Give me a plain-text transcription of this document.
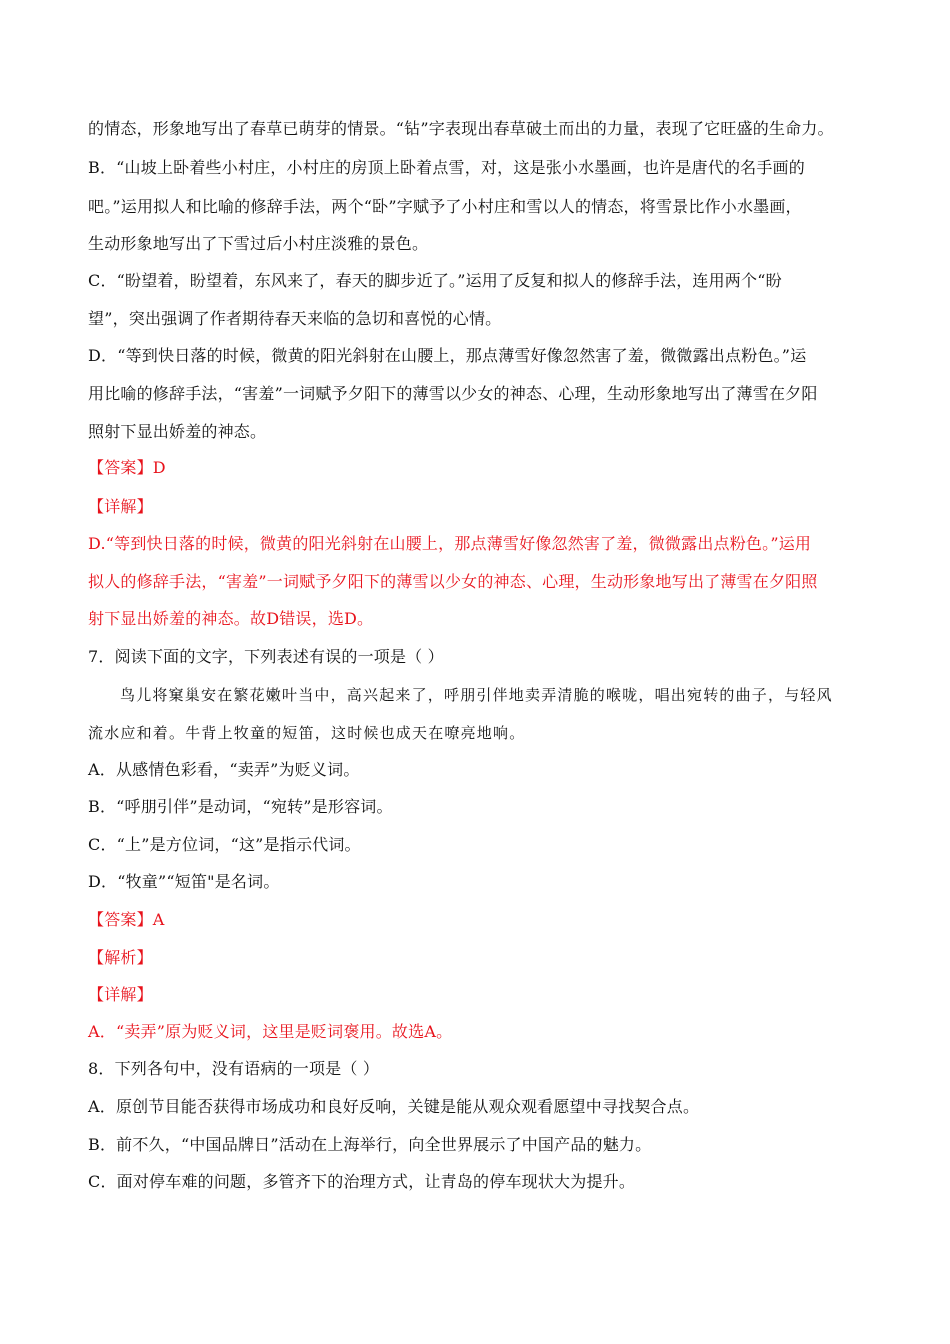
的情态，形象地写出了春草已萌芽的情景。“钻”字表现出春草破土而出的力量，表现了它旺盛的生命力。
B．“山坡上卧着些小村庄，小村庄的房顶上卧着点雪，对，这是张小水墨画，也许是唐代的名手画的
吧。”运用拟人和比喻的修辞手法，两个“卧”字赋予了小村庄和雪以人的情态，将雪景比作小水墨画，
生动形象地写出了下雪过后小村庄淡雅的景色。
C．“盼望着，盼望着，东风来了，春天的脚步近了。”运用了反复和拟人的修辞手法，连用两个“盼
望”，突出强调了作者期待春天来临的急切和喜悦的心情。
D．“等到快日落的时候，微黄的阳光斜射在山腰上，那点薄雪好像忽然害了羞，微微露出点粉色。”运
用比喻的修辞手法，“害羞”一词赋予夕阳下的薄雪以少女的神态、心理，生动形象地写出了薄雪在夕阳
照射下显出娇羞的神态。
【答案】D
【详解】
D.“等到快日落的时候，微黄的阳光斜射在山腰上，那点薄雪好像忽然害了羞，微微露出点粉色。”运用
拟人的修辞手法，“害羞”一词赋予夕阳下的薄雪以少女的神态、心理，生动形象地写出了薄雪在夕阳照
射下显出娇羞的神态。故D错误，选D。
7．阅读下面的文字，下列表述有误的一项是（ ）
鸟儿将窠巢安在繁花嫩叶当中，高兴起来了，呼朋引伴地卖弄清脆的喉咙，唱出宛转的曲子，与轻风
流水应和着。牛背上牧童的短笛，这时候也成天在嘹亮地响。
A．从感情色彩看，“卖弄”为贬义词。
B．“呼朋引伴”是动词，“宛转”是形容词。
C．“上”是方位词，“这”是指示代词。
D．“牧童”“短笛"是名词。
【答案】A
【解析】
【详解】
A．“卖弄”原为贬义词，这里是贬词褒用。故选A。
8．下列各句中，没有语病的一项是（ ）
A．原创节目能否获得市场成功和良好反响，关键是能从观众观看愿望中寻找契合点。
B．前不久，“中国品牌日”活动在上海举行，向全世界展示了中国产品的魅力。
C．面对停车难的问题，多管齐下的治理方式，让青岛的停车现状大为提升。
